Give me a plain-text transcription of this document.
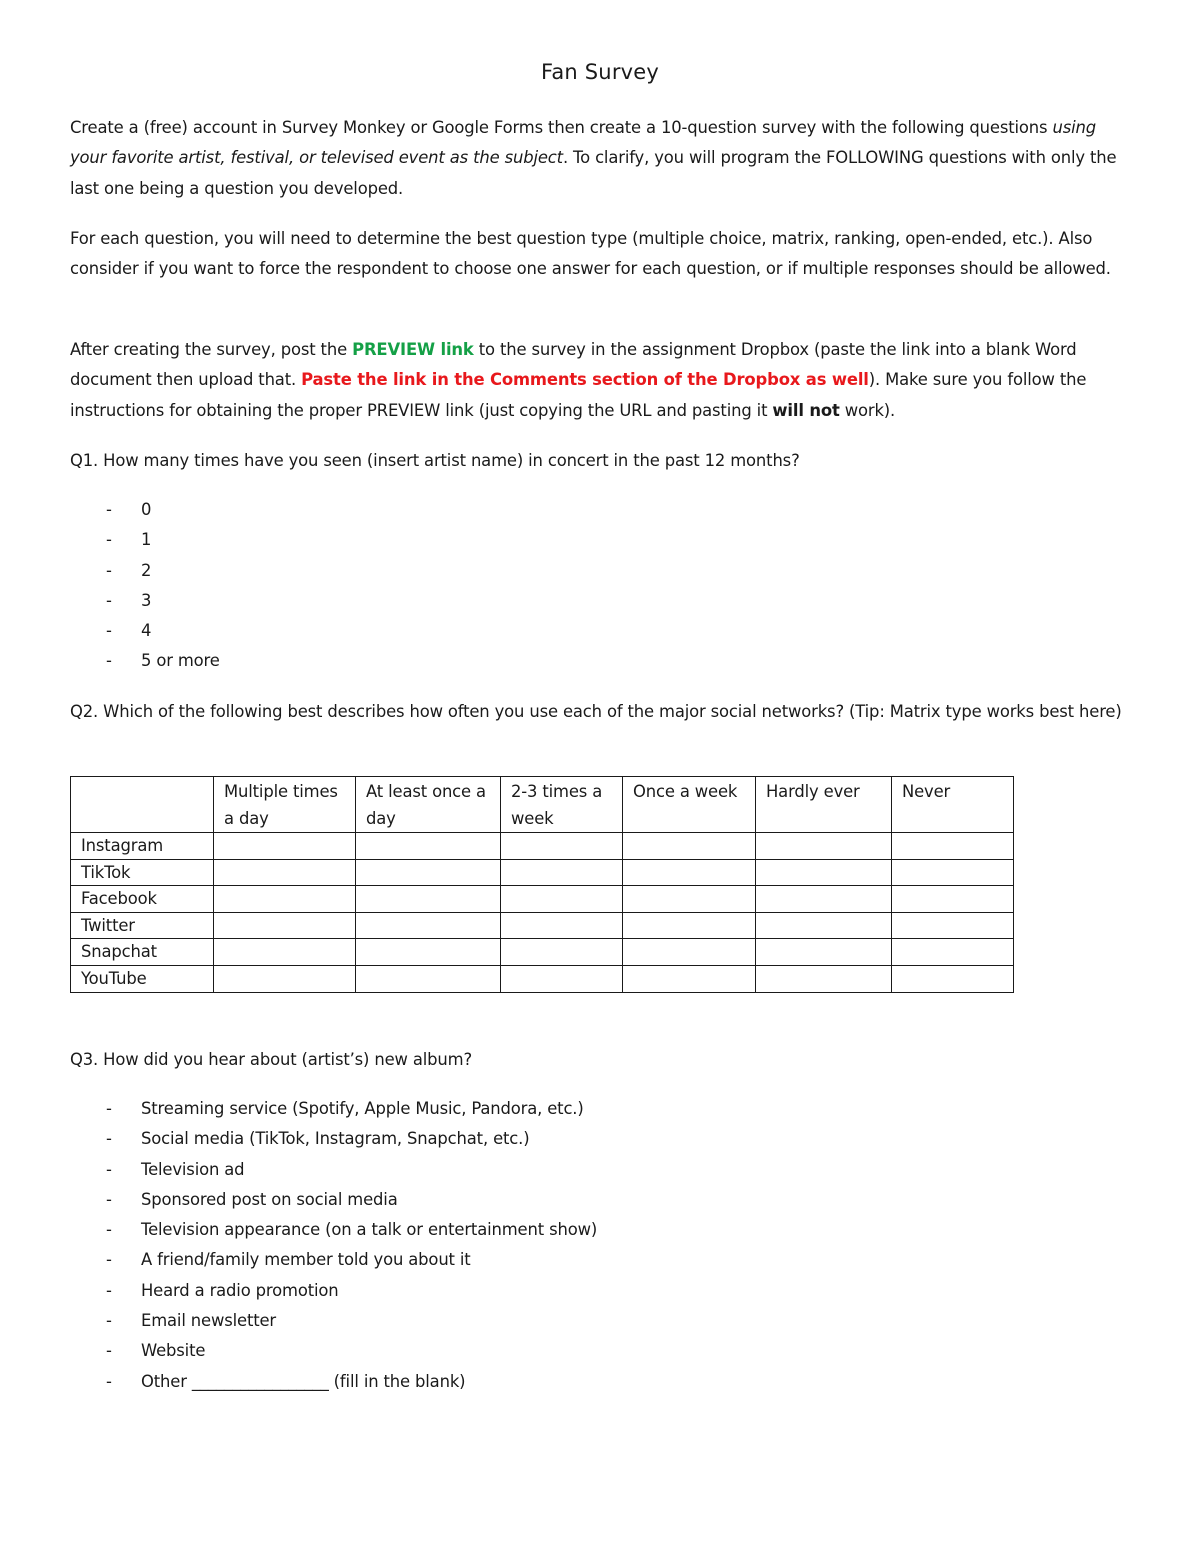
Fan Survey

Create a (free) account in Survey Monkey or Google Forms then create a 10-question survey with the following questions using your favorite artist, festival, or televised event as the subject. To clarify, you will program the FOLLOWING questions with only the last one being a question you developed.

For each question, you will need to determine the best question type (multiple choice, matrix, ranking, open-ended, etc.). Also consider if you want to force the respondent to choose one answer for each question, or if multiple responses should be allowed.

After creating the survey, post the PREVIEW link to the survey in the assignment Dropbox (paste the link into a blank Word document then upload that. Paste the link in the Comments section of the Dropbox as well). Make sure you follow the instructions for obtaining the proper PREVIEW link (just copying the URL and pasting it will not work).

Q1. How many times have you seen (insert artist name) in concert in the past 12 months?

- 0
- 1
- 2
- 3
- 4
- 5 or more

Q2. Which of the following best describes how often you use each of the major social networks? (Tip: Matrix type works best here)

	Multiple times a day	At least once a day	2-3 times a week	Once a week	Hardly ever	Never
Instagram						
TikTok						
Facebook						
Twitter						
Snapchat						
YouTube						

Q3. How did you hear about (artist’s) new album?

- Streaming service (Spotify, Apple Music, Pandora, etc.)
- Social media (TikTok, Instagram, Snapchat, etc.)
- Television ad
- Sponsored post on social media
- Television appearance (on a talk or entertainment show)
- A friend/family member told you about it
- Heard a radio promotion
- Email newsletter
- Website
- Other _________________ (fill in the blank)
